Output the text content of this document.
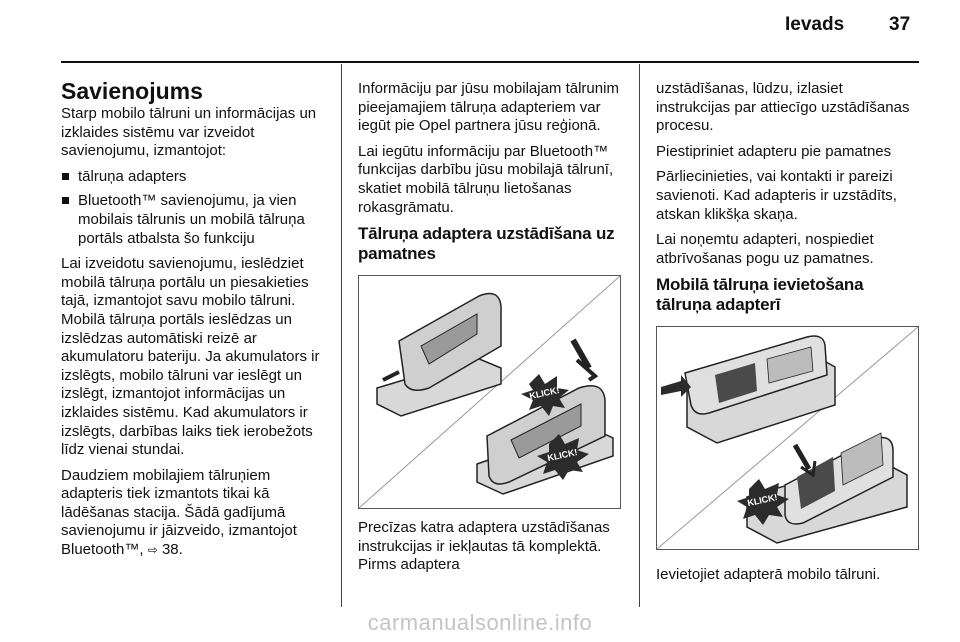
Ievads 37
Savienojums

Starp mobilo tālruni un informācijas un izklaides sistēmu var izveidot savienojumu, izmantojot:

tālruņa adapters
Bluetooth™ savienojumu, ja vien mobilais tālrunis un mobilā tālruņa portāls atbalsta šo funkciju

Lai izveidotu savienojumu, ieslēdziet mobilā tālruņa portālu un piesakieties tajā, izmantojot savu mobilo tālruni. Mobilā tālruņa portāls ieslēdzas un izslēdzas automātiski reizē ar akumulatoru bateriju. Ja akumulators ir izslēgts, mobilo tālruni var ieslēgt un izslēgt, izmantojot informācijas un izklaides sistēmu. Kad akumulators ir izslēgts, darbības laiks tiek ierobežots līdz vienai stundai.

Daudziem mobilajiem tālruņiem adapteris tiek izmantots tikai kā lādēšanas stacija. Šādā gadījumā savienojumu ir jāizveido, izmantojot Bluetooth™, ⇨ 38.

Informāciju par jūsu mobilajam tālrunim pieejamajiem tālruņa adapteriem var iegūt pie Opel partnera jūsu reģionā.

Lai iegūtu informāciju par Bluetooth™ funkcijas darbību jūsu mobilajā tālrunī, skatiet mobilā tālruņu lietošanas rokasgrāmatu.

Tālruņa adaptera uzstādīšana uz pamatnes
KLICK!
KLICK!

Precīzas katra adaptera uzstādīšanas instrukcijas ir iekļautas tā komplektā. Pirms adaptera

uzstādīšanas, lūdzu, izlasiet instrukcijas par attiecīgo uzstādīšanas procesu.

Piestipriniet adapteru pie pamatnes

Pārliecinieties, vai kontakti ir pareizi savienoti. Kad adapteris ir uzstādīts, atskan klikšķa skaņa.

Lai noņemtu adapteri, nospiediet atbrīvošanas pogu uz pamatnes.

Mobilā tālruņa ievietošana tālruņa adapterī
KLICK!

Ievietojiet adapterā mobilo tālruni.

carmanualsonline.info
